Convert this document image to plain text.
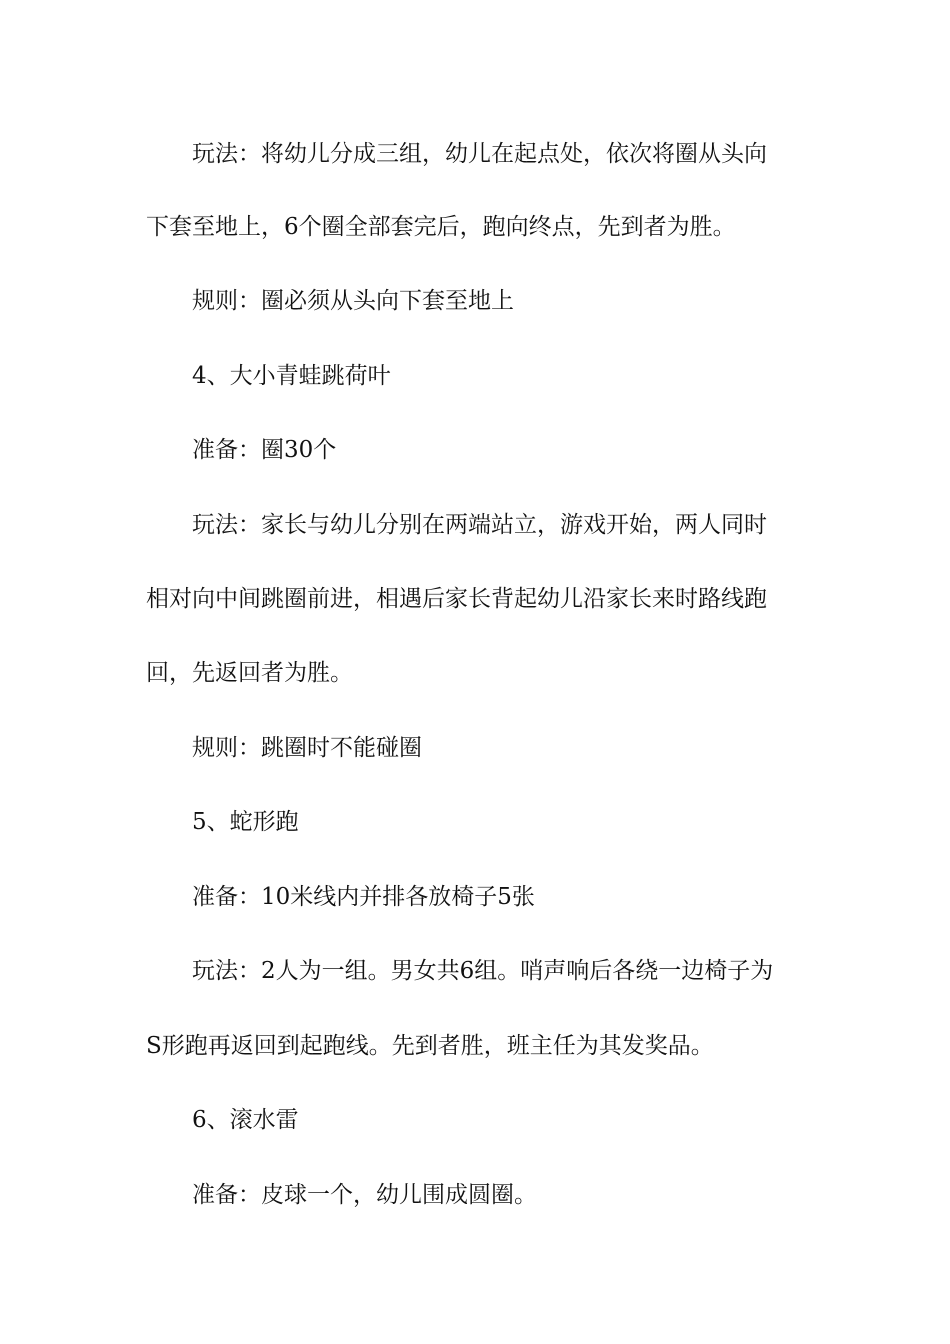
玩法：将幼儿分成三组，幼儿在起点处，依次将圈从头向
下套至地上，6个圈全部套完后，跑向终点，先到者为胜。
规则：圈必须从头向下套至地上
4、大小青蛙跳荷叶
准备：圈30个
玩法：家长与幼儿分别在两端站立，游戏开始，两人同时
相对向中间跳圈前进，相遇后家长背起幼儿沿家长来时路线跑
回，先返回者为胜。
规则：跳圈时不能碰圈
5、蛇形跑
准备：10米线内并排各放椅子5张
玩法：2人为一组。男女共6组。哨声响后各绕一边椅子为
S形跑再返回到起跑线。先到者胜，班主任为其发奖品。
6、滚水雷
准备：皮球一个，幼儿围成圆圈。
